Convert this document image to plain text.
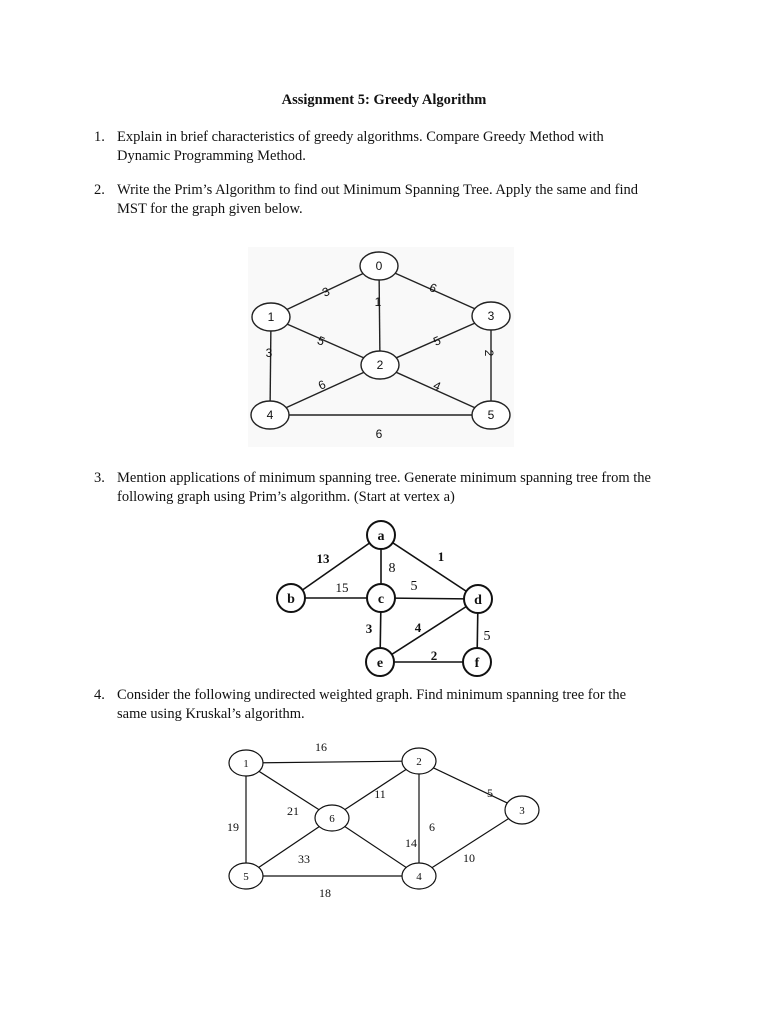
Assignment 5: Greedy Algorithm
1. Explain in brief characteristics of greedy algorithms. Compare Greedy Method with
Dynamic Programming Method.
2. Write the Prim’s Algorithm to find out Minimum Spanning Tree. Apply the same and find
MST for the graph given below.
0
1
2
3
4	5
3
1
6
5
3
5
6	4
2
6
3. Mention applications of minimum spanning tree. Generate minimum spanning tree from the
following graph using Prim’s algorithm. (Start at vertex a)
a
b	c	d
e	f
13
8
1
15	5
3	4
5
2
4. Consider the following undirected weighted graph. Find minimum spanning tree for the
same using Kruskal’s algorithm.
1	2
3
4
5
6
16
19
21
5
6
11
10
18
14
33
